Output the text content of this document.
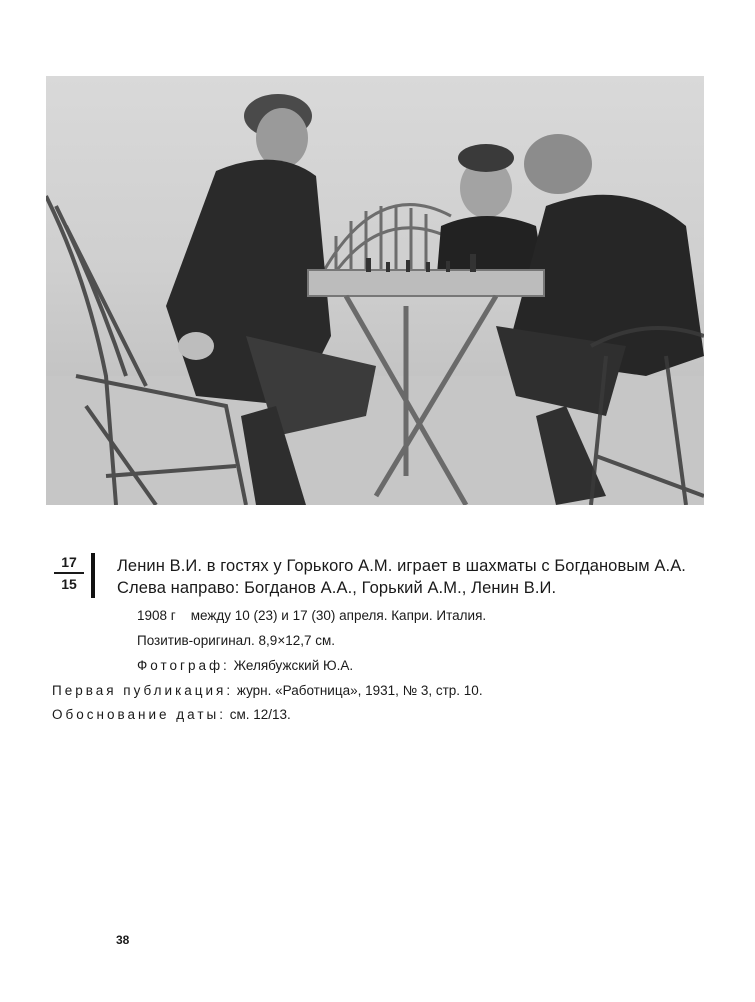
17
15
Ленин В.И. в гостях у Горького А.М. играет в шахматы с Богдановым А.А.
Слева направо: Богданов А.А., Горький А.М., Ленин В.И.
1908 г между 10 (23) и 17 (30) апреля. Капри. Италия.
Позитив-оригинал. 8,9×12,7 см.
Фотограф: Желябужский Ю.А.
Первая публикация: журн. «Работница», 1931, № 3, стр. 10.
Обоснование даты: см. 12/13.
38
